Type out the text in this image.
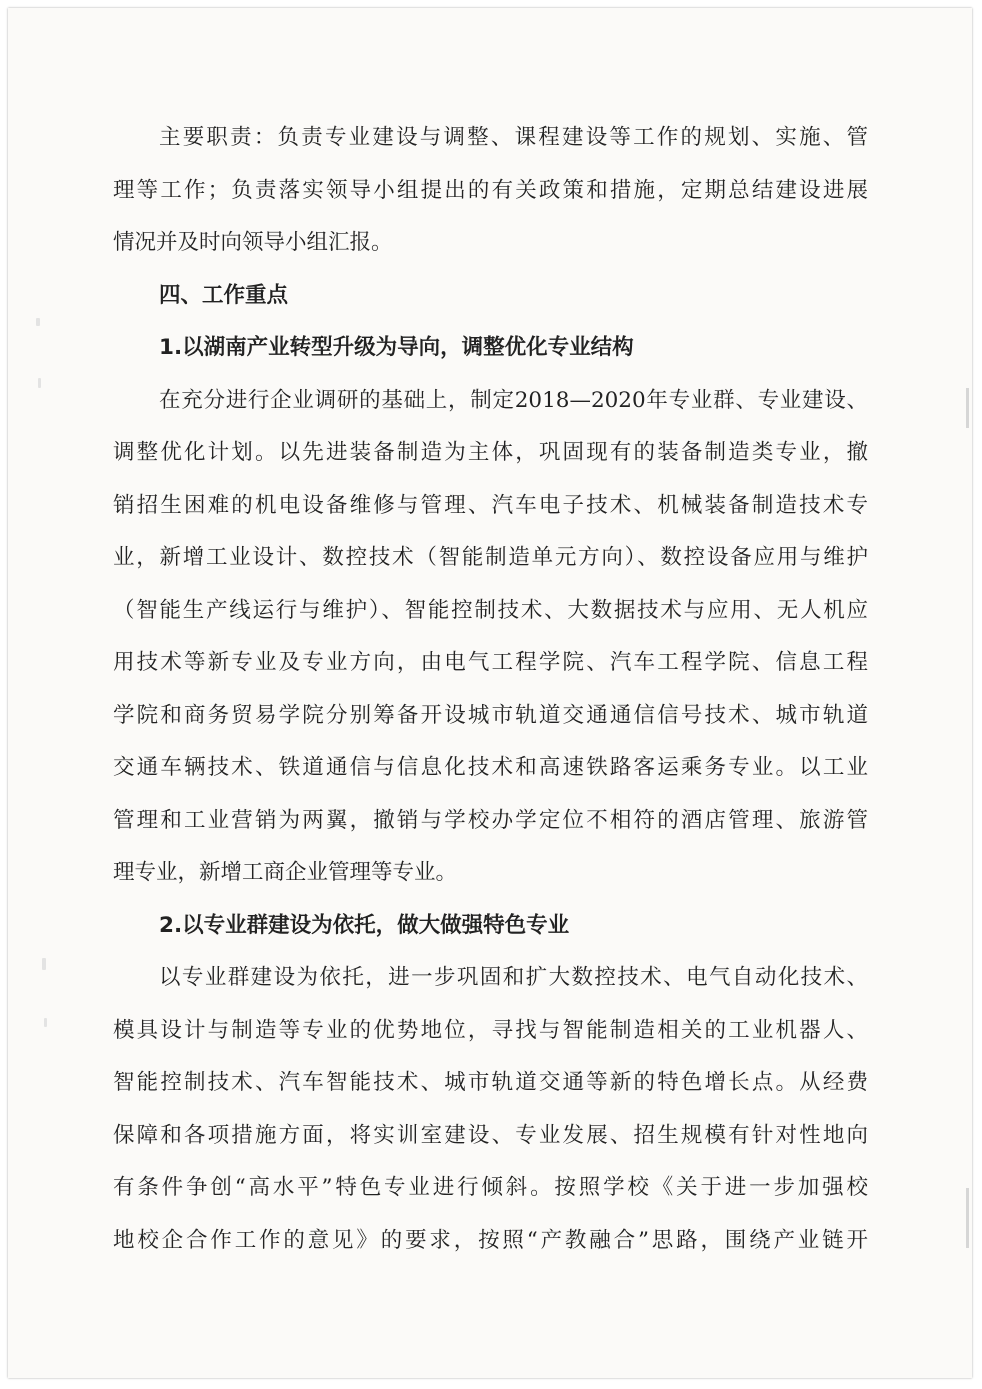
主要职责：负责专业建设与调整、课程建设等工作的规划、实施、管
理等工作；负责落实领导小组提出的有关政策和措施，定期总结建设进展
情况并及时向领导小组汇报。
四、工作重点
1.以湖南产业转型升级为导向，调整优化专业结构
在充分进行企业调研的基础上，制定2018—2020年专业群、专业建设、
调整优化计划。以先进装备制造为主体，巩固现有的装备制造类专业，撤
销招生困难的机电设备维修与管理、汽车电子技术、机械装备制造技术专
业，新增工业设计、数控技术（智能制造单元方向）、数控设备应用与维护
（智能生产线运行与维护）、智能控制技术、大数据技术与应用、无人机应
用技术等新专业及专业方向，由电气工程学院、汽车工程学院、信息工程
学院和商务贸易学院分别筹备开设城市轨道交通通信信号技术、城市轨道
交通车辆技术、铁道通信与信息化技术和高速铁路客运乘务专业。以工业
管理和工业营销为两翼，撤销与学校办学定位不相符的酒店管理、旅游管
理专业，新增工商企业管理等专业。
2.以专业群建设为依托，做大做强特色专业
以专业群建设为依托，进一步巩固和扩大数控技术、电气自动化技术、
模具设计与制造等专业的优势地位，寻找与智能制造相关的工业机器人、
智能控制技术、汽车智能技术、城市轨道交通等新的特色增长点。从经费
保障和各项措施方面，将实训室建设、专业发展、招生规模有针对性地向
有条件争创“高水平”特色专业进行倾斜。按照学校《关于进一步加强校
地校企合作工作的意见》的要求，按照“产教融合”思路，围绕产业链开
